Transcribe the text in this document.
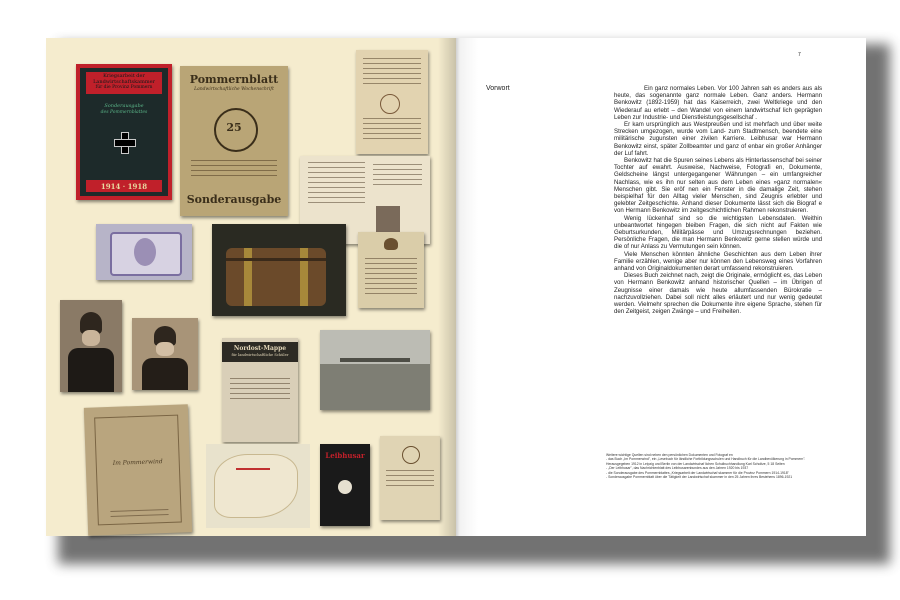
Kriegsarbeit der
Landwirtschaftskammer
für die Provinz Pommern
Sonderausgabe
des Pommernblattes
1914 · 1918
Pommernblatt
Landwirtschaftliche Wochenschrift
25
Sonderausgabe
Nordost-Mappe
für landwirtschaftliche Schüler
Im Pommerwind
Leibhusar
7
Vorwort	Ein ganz normales Leben. Vor 100 Jahren sah es anders aus als heute, das sogenannte ganz normale Leben. Ganz anders. Hermann Benkowitz (1892-1959) hat das Kaiserreich, zwei Weltkriege und den Wiederauf au erlebt – den Wandel von einem landwirtschaf lich geprägten Leben zur Industrie- und Dienstleistungsgesellschaf .

Er kam ursprünglich aus Westpreußen und ist mehrfach und über weite Strecken umgezogen, wurde vom Land- zum Stadtmensch, beendete eine militärische zugunsten einer zivilen Karriere. Leibhusar war Hermann Benkowitz einst, später Zollbeamter und ganz of enbar ein großer Anhänger der Luf fahrt.

Benkowitz hat die Spuren seines Lebens als Hinterlassenschaf bei seiner Tochter auf ewahrt. Ausweise, Nachweise, Fotografi en, Dokumente, Geldscheine längst untergegangener Währungen – ein umfangreicher Nachlass, wie es ihn nur selten aus dem Leben eines »ganz normalen« Menschen gibt. Sie eröf nen ein Fenster in die damalige Zeit, stehen beispielhaf für den Alltag vieler Menschen, sind Zeugnis erlebter und gelebter Zeitgeschichte. Anhand dieser Dokumente lässt sich die Biograf e von Hermann Benkowitz im zeitgeschichtlichen Rahmen rekonstruieren.

Wenig lückenhaf sind so die wichtigsten Lebensdaten. Weithin unbeantwortet hingegen bleiben Fragen, die sich nicht auf Fakten wie Geburtsurkunden, Militärpässe und Umzugsrechnungen beziehen. Persönliche Fragen, die man Hermann Benkowitz gerne stellen würde und die of nur Anlass zu Vermutungen sein können.

Viele Menschen könnten ähnliche Geschichten aus dem Leben ihrer Familie erzählen, wenige aber nur können den Lebensweg eines Vorfahren anhand von Originaldokumenten derart umfassend rekonstruieren.

Dieses Buch zeichnet nach, zeigt die Originale, ermöglicht es, das Leben von Hermann Benkowitz anhand historischer Quellen – im Übrigen of Zeugnisse einer damals wie heute allumfassenden Bürokratie – nachzuvollziehen. Dabei soll nicht alles erläutert und nur wenig gedeutet werden. Vielmehr sprechen die Dokumente ihre eigene Sprache, stehen für den Zeitgeist, zeigen Zwänge – und Freiheiten.

Weitere wichtige Quellen sind neben den persönlichen Dokumenten und Fotograf en
- das Buch „Im Pommerwind", ein „Lesebuch für ländliche Fortbildungsschulen und Handbuch für die Landbevölkerung in Pommern". Herausgegeben 1912 in Leipzig und Berlin von der Landwirtschaf lichen Schulbuchhandlung Karl Scholtze, 5 18 Seiten
- „Der Leibhusar", das Nachrichtenblatt des Leibhusarenbundes aus den Jahren 1920 bis 1937
- die Sonderausgabe des Pommernblattes „Kriegsarbeit der Landwirtschaf skammer für die Provinz Pommern 1914-1918"
- Sonderausgabe Pommernblatt über die Tätigkeit der Landwirtschaf skammer in den 25 Jahren ihres Bestehens 1896-1921
